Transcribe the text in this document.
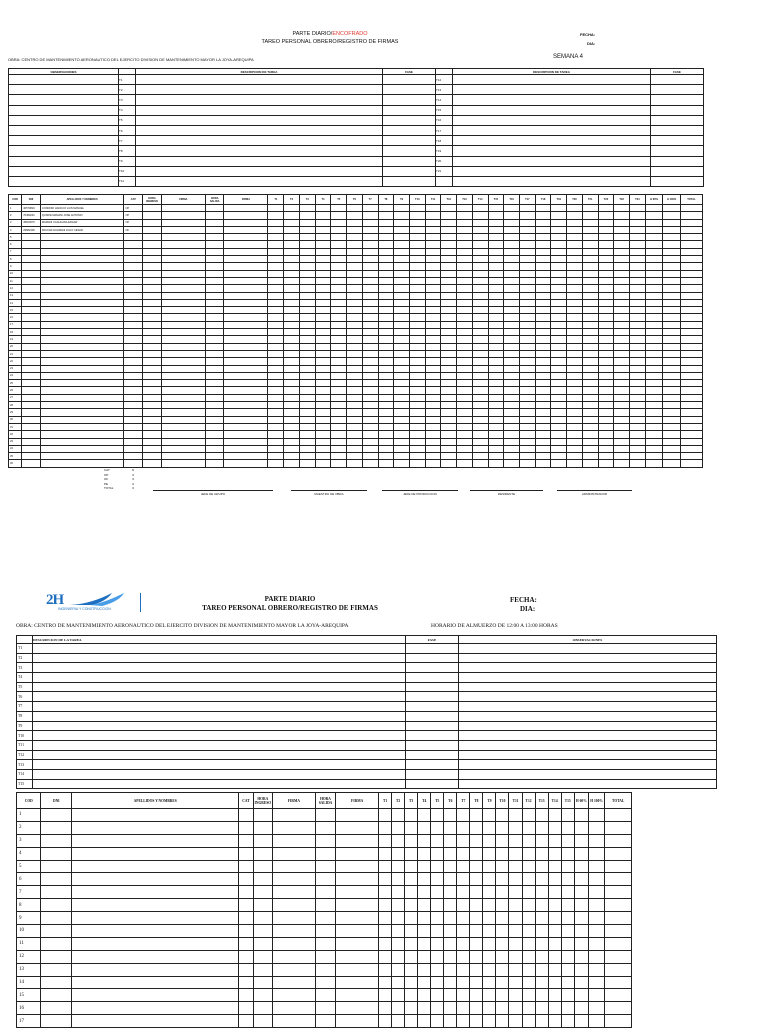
PARTE DIARIO/ENCOFRADO
TAREO PERSONAL OBRERO/REGISTRO DE FIRMAS
FECHA:
DIA:
OBRA: CENTRO DE MANTENIMIENTO AERONAUTICO DEL EJERCITO DIVISION DE MANTENIMIENTO MAYOR LA JOYA-AREQUIPA	SEMANA 4
OBSERVACIONES		DESCRIPCION DE TAREA	FASE		DESCRIPCION DE TAREA	FASE
	T1			T12		
	T2			T13		
	T3			T14		
	T4			T15		
	T5			T16		
	T6			T17		
	T7			T18		
	T8			T19		
	T9			T20		
	T10			T21		
	T11					
COD	DNI	APELLIDOS Y NOMBRES	CAT	HORA INGRESO	FIRMA	HORA SALIDA	FIRMA	T1	T2	T3	T4	T5	T6	T7	T8	T9	T10	T11	T12	T13	T14	T15	T16	T17	T18	T19	T20	T21	T22	T23	T24	H 60%	H 100%	TOTAL
1	40570823	CONDORI HANCCO LUIS MANUEL	OP																															
2	70459231	QUISPE MAMANI JOSE ANTONIO	OP																															
3	45813670	MAMANI CCAHUANA EDGAR	OP																															
4	29682436	PAUCAR HUAMANI JULIO CESAR	OF																															
5																																		
6																																		
7																																		
8																																		
9																																		
10																																		
11																																		
12																																		
13																																		
14																																		
15																																		
16																																		
17																																		
18																																		
19																																		
20																																		
21																																		
22																																		
23																																		
24																																		
25																																		
26																																		
27																																		
28																																		
29																																		
30																																		
31																																		
32																																		
33																																		
34																																		
35																																		
36																																		
CAT	N
OP	0
OF	0
PE	0
TOTAL	0
JEFE DE GRUPO	MAESTRO DE OBRA	JEFE DE PRODUCCION	RESIDENTE	ADMINISTRADOR
2H
INGENIERIA Y CONSTRUCCION
PARTE DIARIO
TAREO PERSONAL OBRERO/REGISTRO DE FIRMAS
FECHA:
DIA:
OBRA: CENTRO DE MANTENIMIENTO AERONAUTICO DEL EJERCITO DIVISION DE MANTENIMIENTO MAYOR LA JOYA-AREQUIPA	HORARIO DE ALMUERZO DE 12:00 A 13:00 HORAS
	DESCRIPCION DE LA TAREA	FASE	OBSERVACIONES
T1			
T2			
T3			
T4			
T5			
T6			
T7			
T8			
T9			
T10			
T11			
T12			
T13			
T14			
T15			
COD	DNI	APELLIDOS Y NOMBRES	CAT	HORA INGRESO	FIRMA	HORA SALIDA	FIRMA	T1	T2	T3	T4	T5	T6	T7	T8	T9	T10	T11	T12	T13	T14	T15	H 60%	H 100%	TOTAL
1																									
2																									
3																									
4																									
5																									
6																									
7																									
8																									
9																									
10																									
11																									
12																									
13																									
14																									
15																									
16																									
17																									
